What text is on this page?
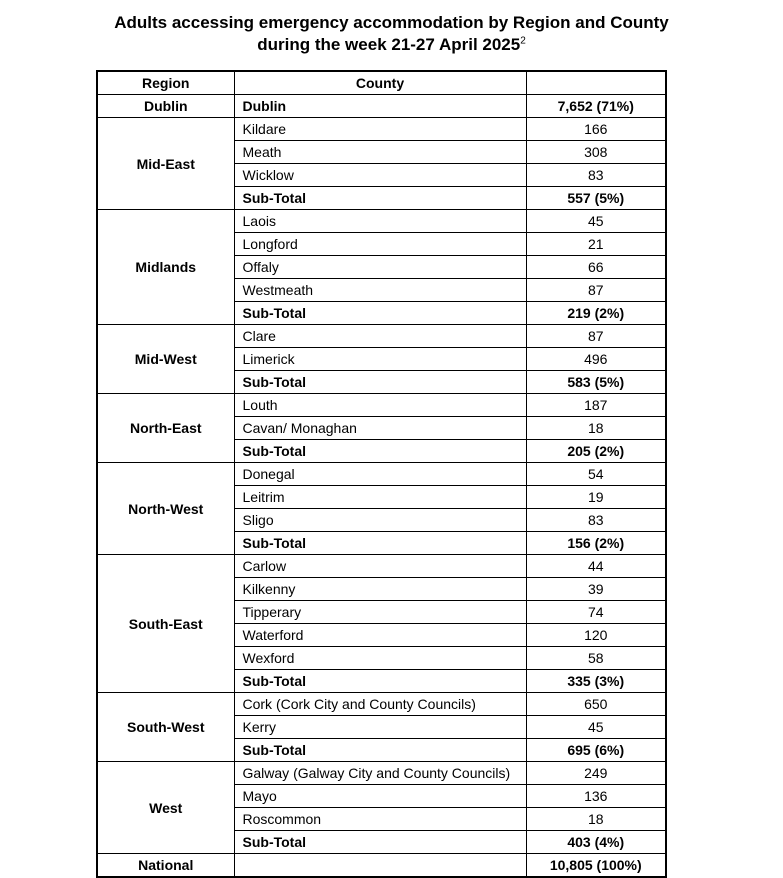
Adults accessing emergency accommodation by Region and County during the week 21-27 April 2025$^2$
Region	County	
Dublin	Dublin	7,652 (71%)
Mid-East	Kildare	166
	Meath	308
	Wicklow	83
	Sub-Total	557 (5%)
Midlands	Laois	45
	Longford	21
	Offaly	66
	Westmeath	87
	Sub-Total	219 (2%)
Mid-West	Clare	87
	Limerick	496
	Sub-Total	583 (5%)
North-East	Louth	187
	Cavan/ Monaghan	18
	Sub-Total	205 (2%)
North-West	Donegal	54
	Leitrim	19
	Sligo	83
	Sub-Total	156 (2%)
South-East	Carlow	44
	Kilkenny	39
	Tipperary	74
	Waterford	120
	Wexford	58
	Sub-Total	335 (3%)
South-West	Cork (Cork City and County Councils)	650
	Kerry	45
	Sub-Total	695 (6%)
West	Galway (Galway City and County Councils)	249
	Mayo	136
	Roscommon	18
	Sub-Total	403 (4%)
National		10,805 (100%)
